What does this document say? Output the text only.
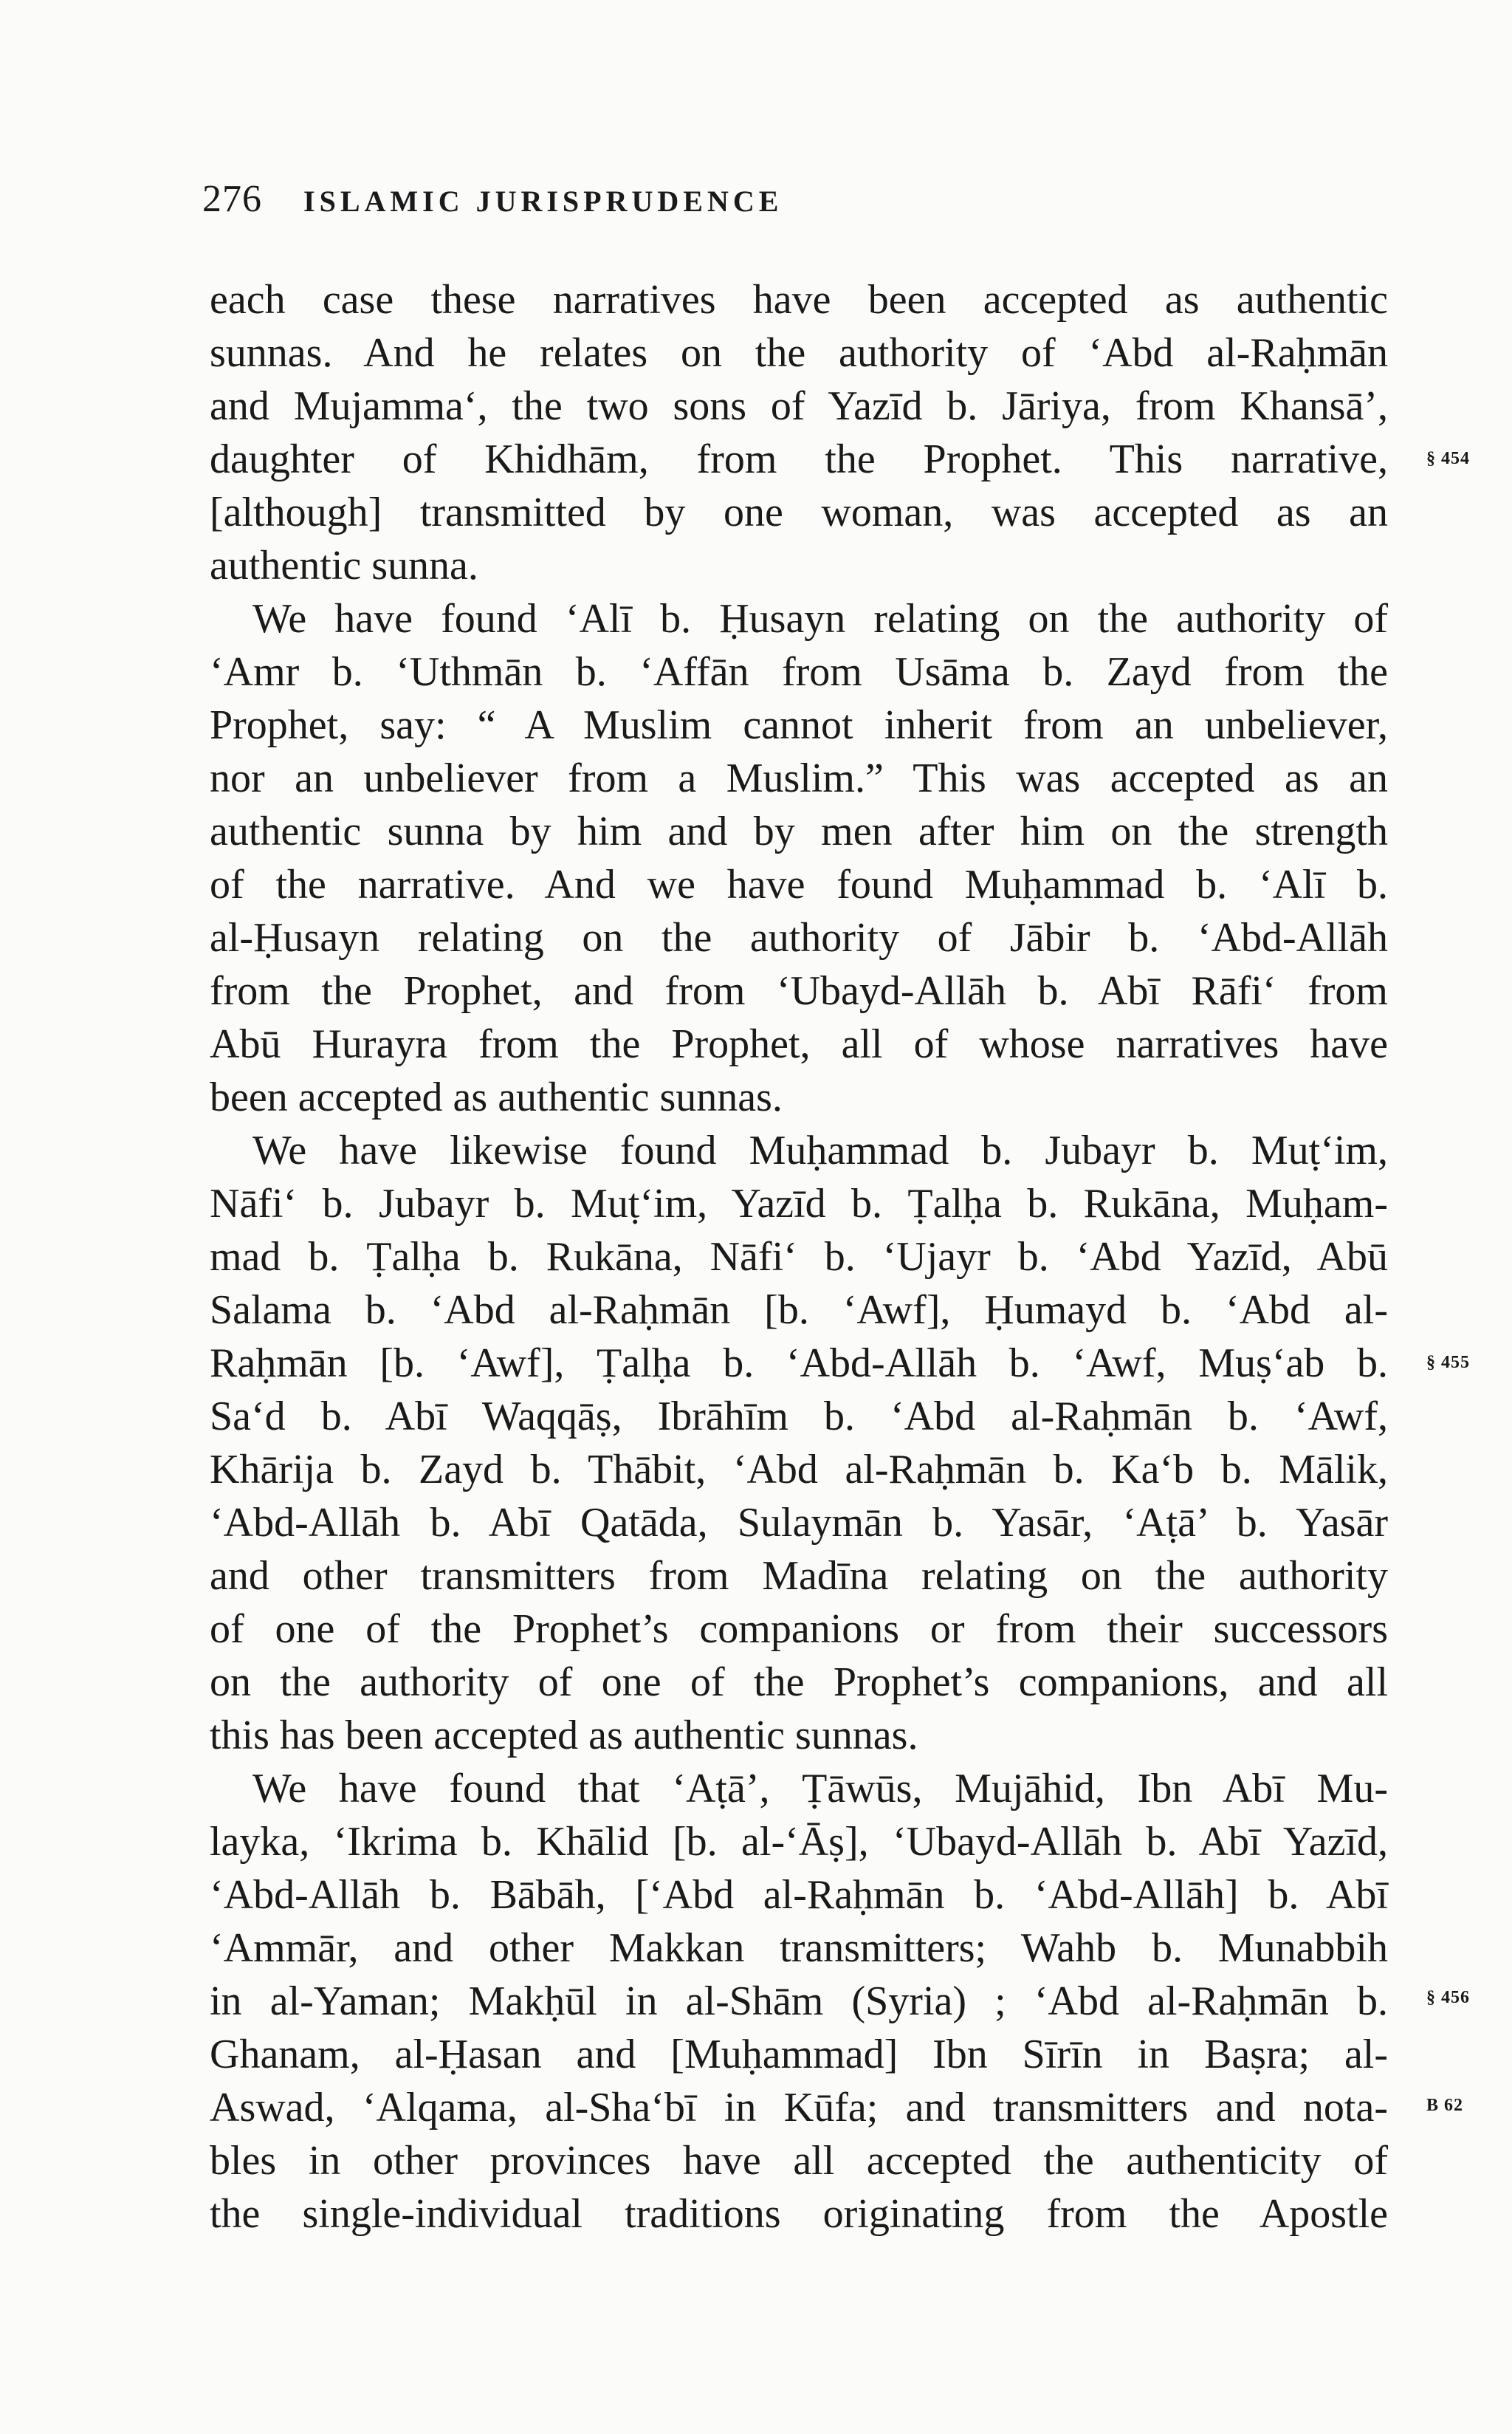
276 ISLAMIC JURISPRUDENCE
each case these narratives have been accepted as authentic
sunnas. And he relates on the authority of ‘Abd al-Raḥmān
and Mujamma‘, the two sons of Yazīd b. Jāriya, from Khansā’,
daughter of Khidhām, from the Prophet. This narrative,
[although] transmitted by one woman, was accepted as an
authentic sunna.
We have found ‘Alī b. Ḥusayn relating on the authority of
‘Amr b. ‘Uthmān b. ‘Affān from Usāma b. Zayd from the
Prophet, say: “ A Muslim cannot inherit from an unbeliever,
nor an unbeliever from a Muslim.” This was accepted as an
authentic sunna by him and by men after him on the strength
of the narrative. And we have found Muḥammad b. ‘Alī b.
al-Ḥusayn relating on the authority of Jābir b. ‘Abd-Allāh
from the Prophet, and from ‘Ubayd-Allāh b. Abī Rāfi‘ from
Abū Hurayra from the Prophet, all of whose narratives have
been accepted as authentic sunnas.
We have likewise found Muḥammad b. Jubayr b. Muṭ‘im,
Nāfi‘ b. Jubayr b. Muṭ‘im, Yazīd b. Ṭalḥa b. Rukāna, Muḥam-
mad b. Ṭalḥa b. Rukāna, Nāfi‘ b. ‘Ujayr b. ‘Abd Yazīd, Abū
Salama b. ‘Abd al-Raḥmān [b. ‘Awf], Ḥumayd b. ‘Abd al-
Raḥmān [b. ‘Awf], Ṭalḥa b. ‘Abd-Allāh b. ‘Awf, Muṣ‘ab b.
Sa‘d b. Abī Waqqāṣ, Ibrāhīm b. ‘Abd al-Raḥmān b. ‘Awf,
Khārija b. Zayd b. Thābit, ‘Abd al-Raḥmān b. Ka‘b b. Mālik,
‘Abd-Allāh b. Abī Qatāda, Sulaymān b. Yasār, ‘Aṭā’ b. Yasār
and other transmitters from Madīna relating on the authority
of one of the Prophet’s companions or from their successors
on the authority of one of the Prophet’s companions, and all
this has been accepted as authentic sunnas.
We have found that ‘Aṭā’, Ṭāwūs, Mujāhid, Ibn Abī Mu-
layka, ‘Ikrima b. Khālid [b. al-‘Āṣ], ‘Ubayd-Allāh b. Abī Yazīd,
‘Abd-Allāh b. Bābāh, [‘Abd al-Raḥmān b. ‘Abd-Allāh] b. Abī
‘Ammār, and other Makkan transmitters; Wahb b. Munabbih
in al-Yaman; Makḥūl in al-Shām (Syria) ; ‘Abd al-Raḥmān b.
Ghanam, al-Ḥasan and [Muḥammad] Ibn Sīrīn in Baṣra; al-
Aswad, ‘Alqama, al-Sha‘bī in Kūfa; and transmitters and nota-
bles in other provinces have all accepted the authenticity of
the single-individual traditions originating from the Apostle
§ 454
§ 455
§ 456
B 62
